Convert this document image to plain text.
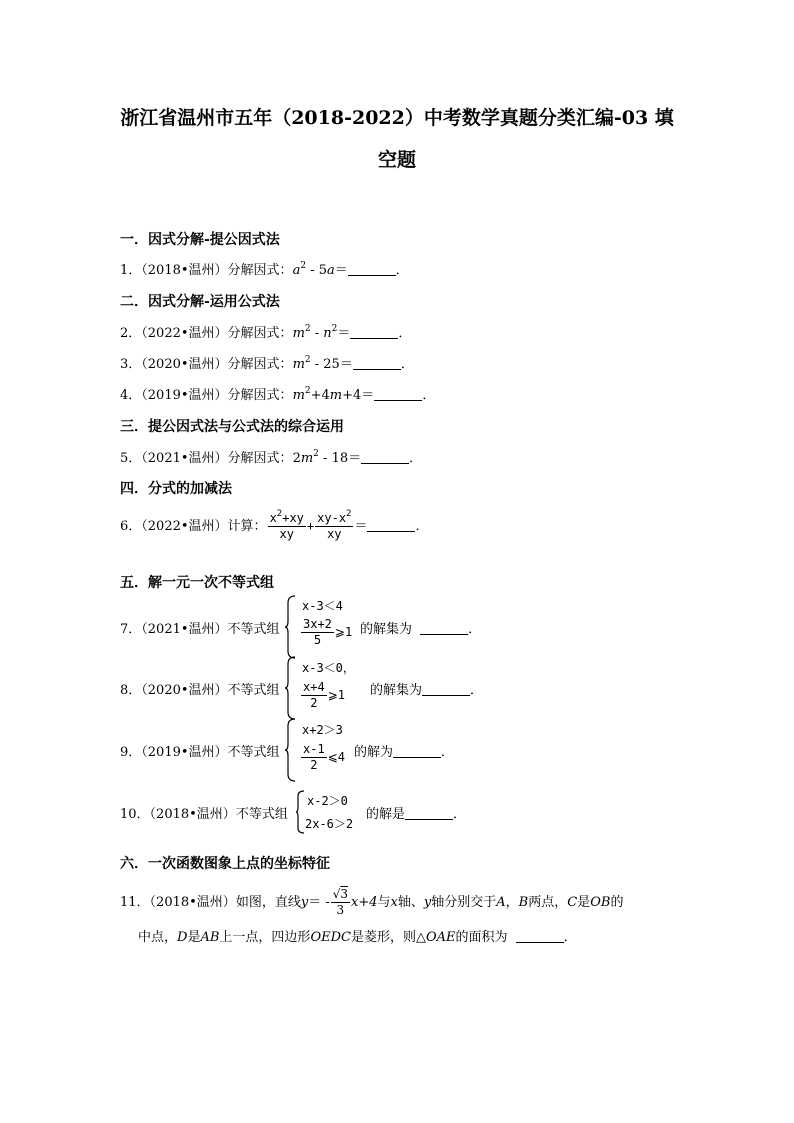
浙江省温州市五年（2018-2022）中考数学真题分类汇编-03 填
空题
一．因式分解-提公因式法
1．（2018•温州）分解因式：$a^2 - 5a=$	．
二．因式分解-运用公式法
2．（2022•温州）分解因式：$m^2 - n^2=$	．
3．（2020•温州）分解因式：$m^2 - 25=$	．
4．（2019•温州）分解因式：$m^2+4m+4=$	．
三．提公因式法与公式法的综合运用
5．（2021•温州）分解因式：$2m^2 - 18=$	．
四．分式的加减法
6．（2022•温州）计算： $\frac{x^2+xy}{xy} + \frac{xy-x^2}{xy}$ ＝	．
五．解一元一次不等式组
7．（2021•温州）不等式组
x-3＜4
$\frac{3x+2}{5}$ ⩾1 的解集为	．
8．（2020•温州）不等式组
x-3＜0，
$\frac{x+4}{2}$ ⩾1 的解集为	．
9．（2019•温州）不等式组
x+2＞3
$\frac{x-1}{2}$ ⩽4 的解为	．
10．（2018•温州）不等式组
x-2＞0
2x-6＞2
的解是	．
六．一次函数图象上点的坐标特征
11．（2018•温州）如图，直线$y= - \frac{√3}{3} x+4$与x轴、y轴分别交于A，B两点，C是OB的
中点，D是AB上一点，四边形OEDC是菱形，则△OAE的面积为	．
